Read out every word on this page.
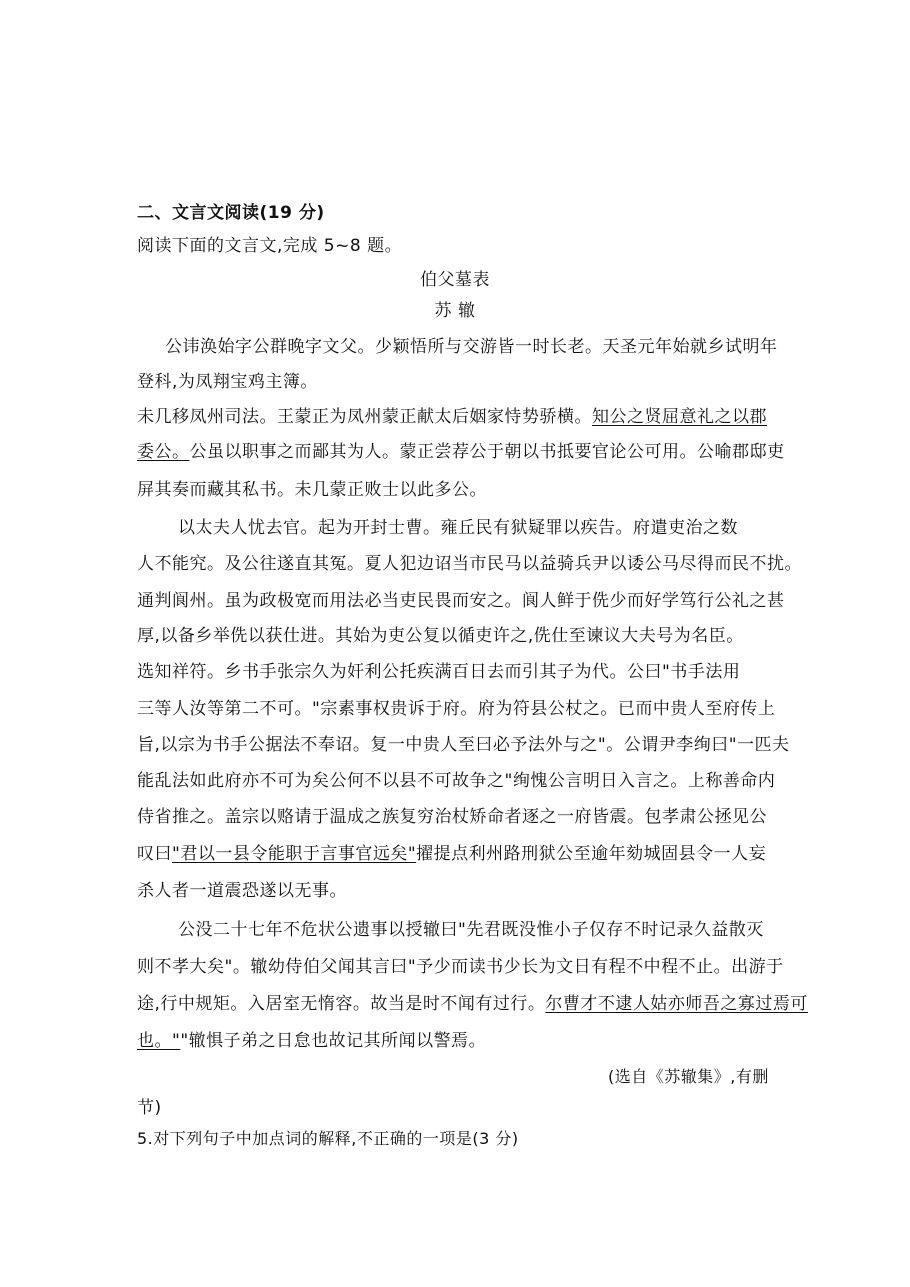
二、文言文阅读(19 分)
阅读下面的文言文,完成 5~8 题。
伯父墓表
苏 辙
公讳涣始字公群晚字文父。少颖悟所与交游皆一时长老。天圣元年始就乡试明年
登科,为凤翔宝鸡主簿。
未几移凤州司法。王蒙正为凤州蒙正献太后姻家恃势骄横。知公之贤屈意礼之以郡
委公。公虽以职事之而鄙其为人。蒙正尝荐公于朝以书抵要官论公可用。公喻郡邸吏
屏其奏而藏其私书。未几蒙正败士以此多公。
以太夫人忧去官。起为开封士曹。雍丘民有狱疑罪以疾告。府遣吏治之数
人不能究。及公往遂直其冤。夏人犯边诏当市民马以益骑兵尹以诿公马尽得而民不扰。
通判阆州。虽为政极宽而用法必当吏民畏而安之。阆人鲜于侁少而好学笃行公礼之甚
厚,以备乡举侁以获仕进。其始为吏公复以循吏许之,侁仕至谏议大夫号为名臣。
选知祥符。乡书手张宗久为奸利公托疾满百日去而引其子为代。公曰"书手法用
三等人汝等第二不可。"宗素事权贵诉于府。府为符县公杖之。已而中贵人至府传上
旨,以宗为书手公据法不奉诏。复一中贵人至曰必予法外与之"。公谓尹李绚曰"一匹夫
能乱法如此府亦不可为矣公何不以县不可故争之"绚愧公言明日入言之。上称善命内
侍省推之。盖宗以赂请于温成之族复穷治杖矫命者逐之一府皆震。包孝肃公拯见公
叹曰"君以一县令能职于言事官远矣"擢提点利州路刑狱公至逾年劾城固县令一人妄
杀人者一道震恐遂以无事。
公没二十七年不危状公遗事以授辙曰"先君既没惟小子仅存不时记录久益散灭
则不孝大矣"。辙幼侍伯父闻其言曰"予少而读书少长为文日有程不中程不止。出游于
途,行中规矩。入居室无惰容。故当是时不闻有过行。尔曹才不逮人姑亦师吾之寡过焉可
也。""辙惧子弟之日怠也故记其所闻以警焉。
(选自《苏辙集》,有删
节)
5.对下列句子中加点词的解释,不正确的一项是(3 分)
